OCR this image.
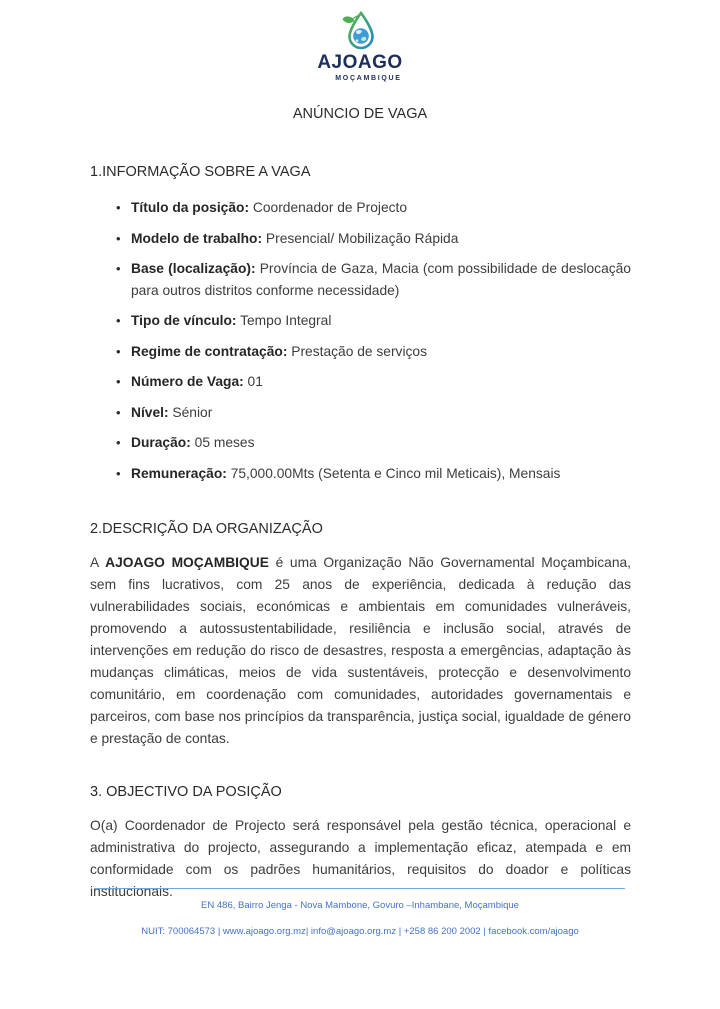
AJOAGO
MOÇAMBIQUE
ANÚNCIO DE VAGA
1.INFORMAÇÃO SOBRE A VAGA
• Título da posição: Coordenador de Projecto
• Modelo de trabalho: Presencial/ Mobilização Rápida
• Base (localização): Província de Gaza, Macia (com possibilidade de deslocação para outros distritos conforme necessidade)
• Tipo de vínculo: Tempo Integral
• Regime de contratação: Prestação de serviços
• Número de Vaga: 01
• Nível: Sénior
• Duração: 05 meses
• Remuneração: 75,000.00Mts (Setenta e Cinco mil Meticais), Mensais
2.DESCRIÇÃO DA ORGANIZAÇÃO

A AJOAGO MOÇAMBIQUE é uma Organização Não Governamental Moçambicana, sem fins lucrativos, com 25 anos de experiência, dedicada à redução das vulnerabilidades sociais, económicas e ambientais em comunidades vulneráveis, promovendo a autossustentabilidade, resiliência e inclusão social, através de intervenções em redução do risco de desastres, resposta a emergências, adaptação às mudanças climáticas, meios de vida sustentáveis, protecção e desenvolvimento comunitário, em coordenação com comunidades, autoridades governamentais e parceiros, com base nos princípios da transparência, justiça social, igualdade de género e prestação de contas.

3. OBJECTIVO DA POSIÇÃO

O(a) Coordenador de Projecto será responsável pela gestão técnica, operacional e administrativa do projecto, assegurando a implementação eficaz, atempada e em conformidade com os padrões humanitários, requisitos do doador e políticas institucionais.

EN 486, Bairro Jenga - Nova Mambone, Govuro –Inhambane, Moçambique
NUIT: 700064573 | www.ajoago.org.mz| info@ajoago.org.mz | +258 86 200 2002 | facebook.com/ajoago
